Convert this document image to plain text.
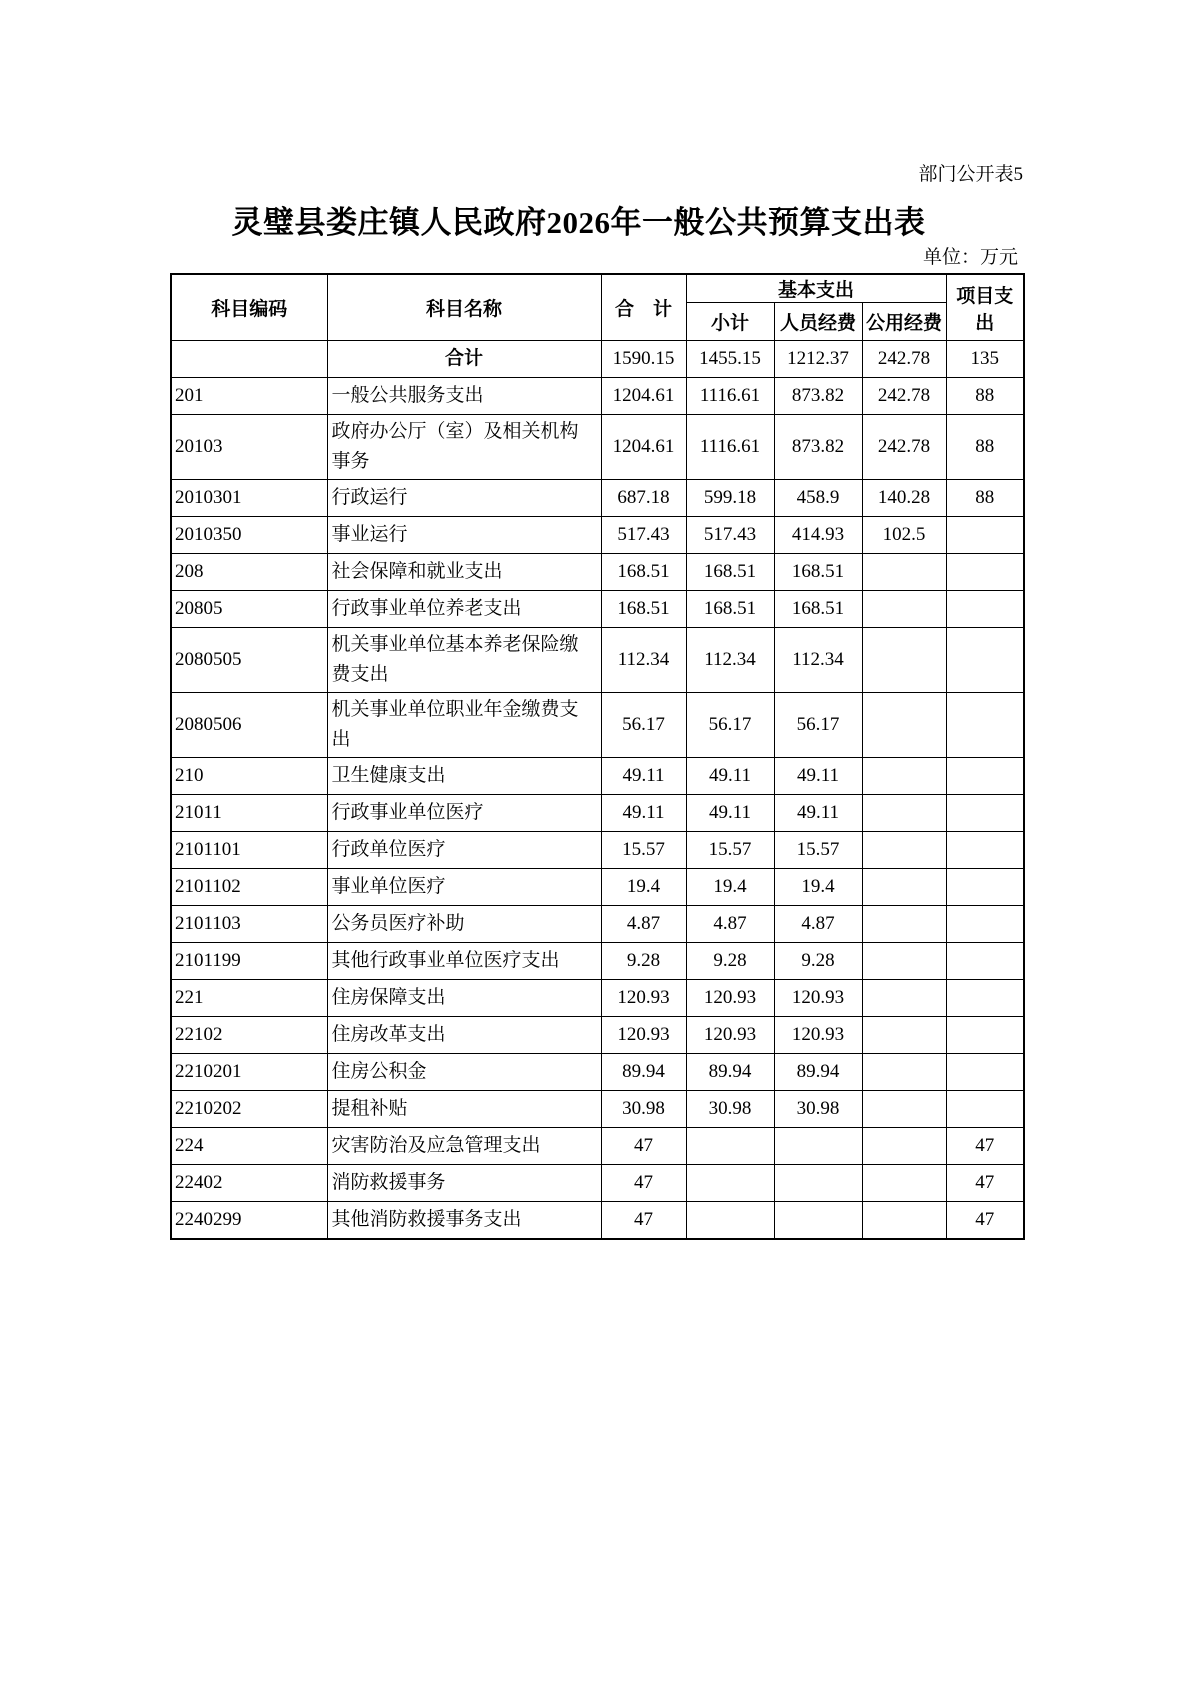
部门公开表5
灵璧县娄庄镇人民政府2026年一般公共预算支出表
单位：万元
科目编码	科目名称	合　计	基本支出			项目支出
			小计	人员经费	公用经费	
	合计	1590.15	1455.15	1212.37	242.78	135
201	一般公共服务支出	1204.61	1116.61	873.82	242.78	88
20103	政府办公厅（室）及相关机构事务	1204.61	1116.61	873.82	242.78	88
2010301	行政运行	687.18	599.18	458.9	140.28	88
2010350	事业运行	517.43	517.43	414.93	102.5	
208	社会保障和就业支出	168.51	168.51	168.51		
20805	行政事业单位养老支出	168.51	168.51	168.51		
2080505	机关事业单位基本养老保险缴费支出	112.34	112.34	112.34		
2080506	机关事业单位职业年金缴费支出	56.17	56.17	56.17		
210	卫生健康支出	49.11	49.11	49.11		
21011	行政事业单位医疗	49.11	49.11	49.11		
2101101	行政单位医疗	15.57	15.57	15.57		
2101102	事业单位医疗	19.4	19.4	19.4		
2101103	公务员医疗补助	4.87	4.87	4.87		
2101199	其他行政事业单位医疗支出	9.28	9.28	9.28		
221	住房保障支出	120.93	120.93	120.93		
22102	住房改革支出	120.93	120.93	120.93		
2210201	住房公积金	89.94	89.94	89.94		
2210202	提租补贴	30.98	30.98	30.98		
224	灾害防治及应急管理支出	47				47
22402	消防救援事务	47				47
2240299	其他消防救援事务支出	47				47
